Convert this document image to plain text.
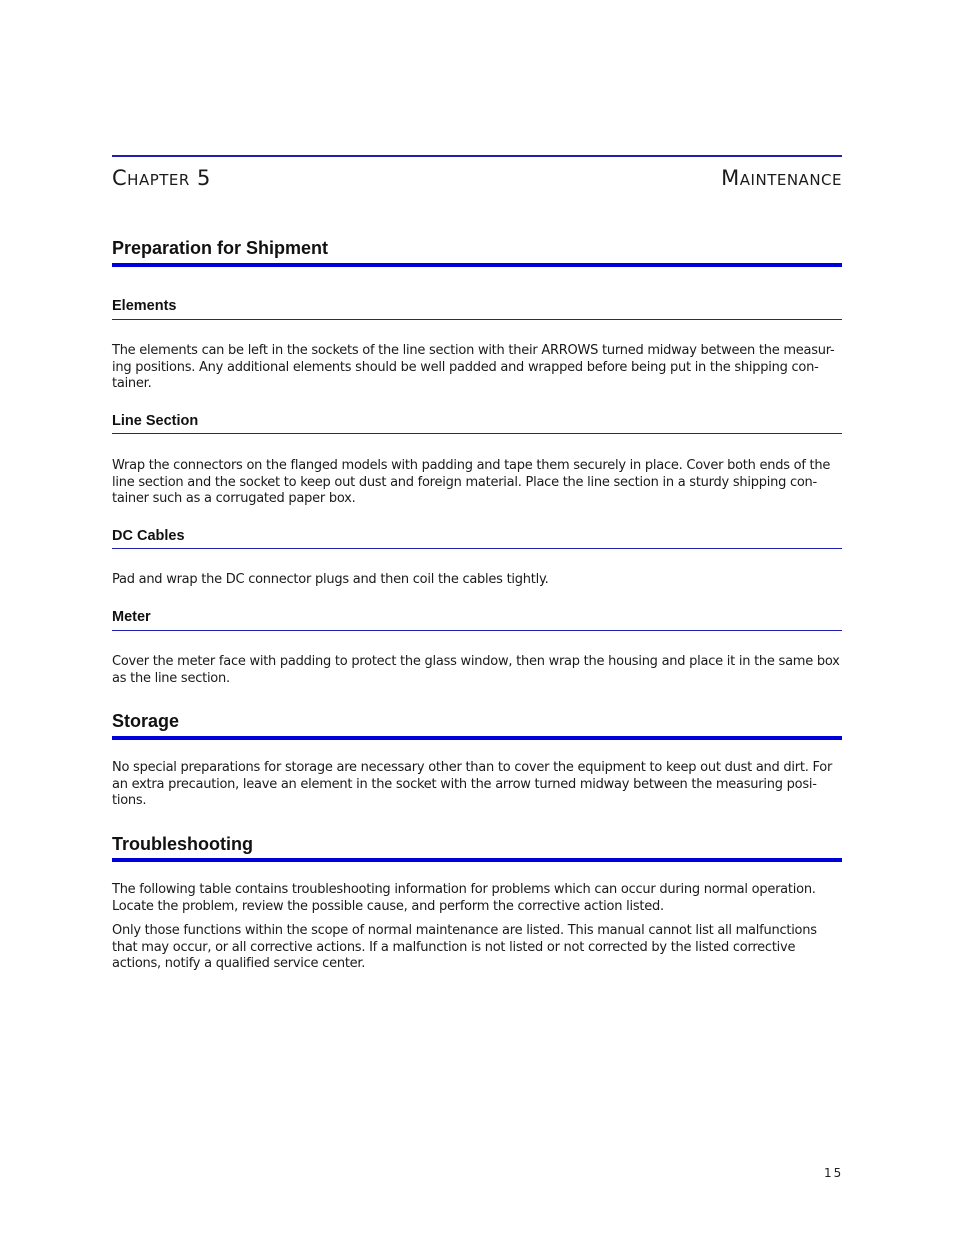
Chapter 5	Maintenance
Preparation for Shipment
Elements

The elements can be left in the sockets of the line section with their ARROWS turned midway between the measur-
ing positions. Any additional elements should be well padded and wrapped before being put in the shipping con-
tainer.

Line Section

Wrap the connectors on the flanged models with padding and tape them securely in place. Cover both ends of the
line section and the socket to keep out dust and foreign material. Place the line section in a sturdy shipping con-
tainer such as a corrugated paper box.

DC Cables

Pad and wrap the DC connector plugs and then coil the cables tightly.

Meter

Cover the meter face with padding to protect the glass window, then wrap the housing and place it in the same box
as the line section.

Storage

No special preparations for storage are necessary other than to cover the equipment to keep out dust and dirt. For
an extra precaution, leave an element in the socket with the arrow turned midway between the measuring posi-
tions.

Troubleshooting

The following table contains troubleshooting information for problems which can occur during normal operation.
Locate the problem, review the possible cause, and perform the corrective action listed.

Only those functions within the scope of normal maintenance are listed. This manual cannot list all malfunctions
that may occur, or all corrective actions. If a malfunction is not listed or not corrected by the listed corrective
actions, notify a qualified service center.

15
